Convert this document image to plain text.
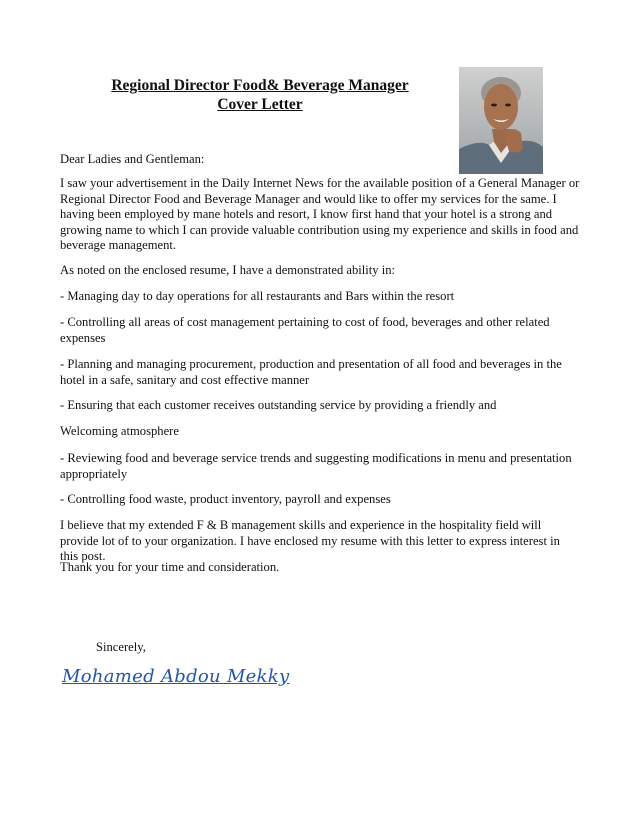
Regional Director Food& Beverage Manager
Cover Letter
Dear Ladies and Gentleman:
I saw your advertisement in the Daily Internet News for the available position of a General Manager or Regional Director Food and Beverage Manager and would like to offer my services for the same. I having been employed by mane hotels and resort, I know first hand that your hotel is a strong and growing name to which I can provide valuable contribution using my experience and skills in food and beverage management.
As noted on the enclosed resume, I have a demonstrated ability in:
- Managing day to day operations for all restaurants and Bars within the resort
- Controlling all areas of cost management pertaining to cost of food, beverages and other related expenses
- Planning and managing procurement, production and presentation of all food and beverages in the hotel in a safe, sanitary and cost effective manner
- Ensuring that each customer receives outstanding service by providing a friendly and
Welcoming atmosphere
- Reviewing food and beverage service trends and suggesting modifications in menu and presentation appropriately
- Controlling food waste, product inventory, payroll and expenses
I believe that my extended F & B management skills and experience in the hospitality field will provide lot of to your organization. I have enclosed my resume with this letter to express interest in this post.
Thank you for your time and consideration.
Sincerely,
Mohamed Abdou Mekky
